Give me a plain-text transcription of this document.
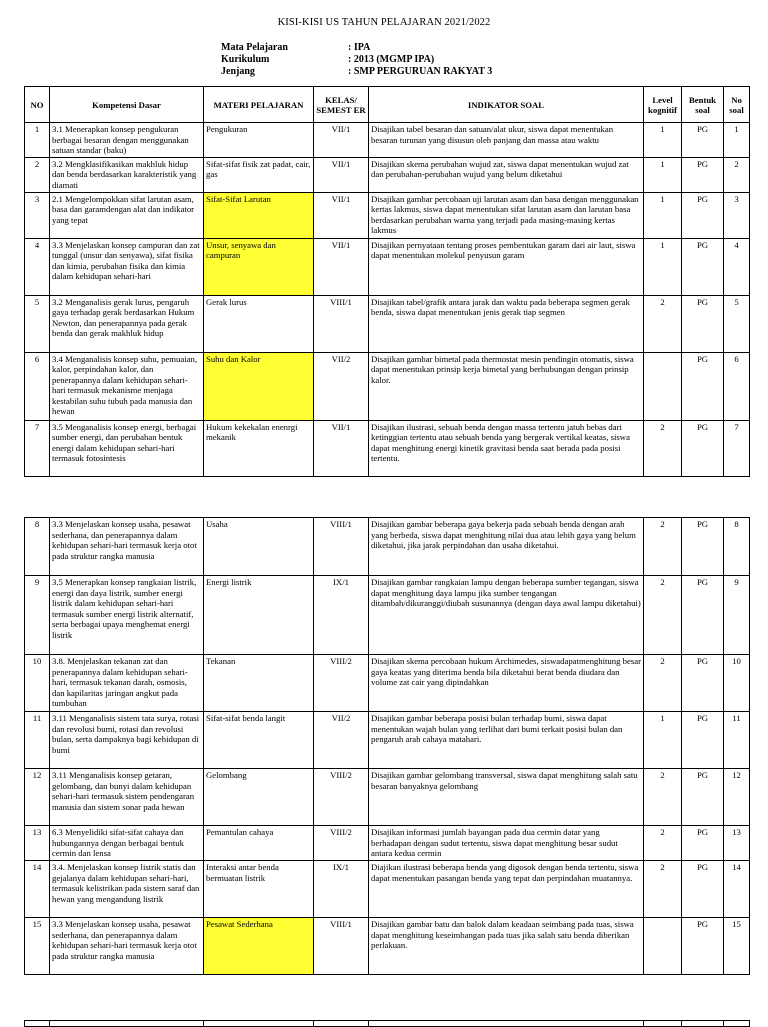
KISI-KISI US TAHUN PELAJARAN 2021/2022
Mata Pelajaran	: IPA
Kurikulum	: 2013 (MGMP IPA)
Jenjang	: SMP PERGURUAN RAKYAT 3
NO	Kompetensi Dasar	MATERI PELAJARAN	KELAS/ SEMEST ER	INDIKATOR SOAL	Level kognitif	Bentuk soal	No soal
1	3.1 Menerapkan konsep pengukuran berbagai besaran dengan menggunakan satuan standar (baku)	Pengukuran	VII/1	Disajikan tabel besaran dan satuan/alat ukur, siswa dapat menentukan besaran turunan yang disusun oleh panjang dan massa atau waktu	1	PG	1
2	3.2 Mengklasifikasikan makhluk hidup dan benda berdasarkan karakteristik yang diamati	Sifat-sifat fisik zat padat, cair, gas	VII/1	Disajikan skema perubahan wujud zat, siswa dapat menentukan wujud zat dan perubahan-perubahan wujud yang belum diketahui	1	PG	2
3	2.1 Mengelompokkan sifat larutan asam, basa dan garamdengan alat dan indikator yang tepat	Sifat-Sifat Larutan	VII/1	Disajikan gambar percobaan uji larutan asam dan basa dengan menggunakan kertas lakmus, siswa dapat menentukan sifat larutan asam dan larutan basa berdasarkan perubahan warna yang terjadi pada masing-masing kertas lakmus	1	PG	3
4	3.3 Menjelaskan konsep campuran dan zat tunggal (unsur dan senyawa), sifat fisika dan kimia, perubahan fisika dan kimia dalam kehidupan sehari-hari	Unsur, senyawa dan campuran	VII/1	Disajikan pernyataan tentang proses pembentukan garam dari air laut, siswa dapat menentukan molekul penyusun garam	1	PG	4
5	3.2 Menganalisis gerak lurus, pengaruh gaya terhadap gerak berdasarkan Hukum Newton, dan penerapannya pada gerak benda dan gerak makhluk hidup	Gerak lurus	VIII/1	Disajikan tabel/grafik antara jarak dan waktu pada beberapa segmen gerak benda, siswa dapat menentukan jenis gerak tiap segmen	2	PG	5
6	3.4 Menganalisis konsep suhu, pemuaian, kalor, perpindahan kalor, dan penerapannya dalam kehidupan sehari-hari termasuk mekanisme menjaga kestabilan suhu tubuh pada manusia dan hewan	Suhu dan Kalor	VII/2	Disajikan gambar bimetal pada thermostat mesin pendingin otomatis, siswa dapat menentukan prinsip kerja bimetal yang berhubungan dengan prinsip kalor.		PG	6
7	3.5 Menganalisis konsep energi, berbagai sumber energi, dan perubahan bentuk energi dalam kehidupan sehari-hari termasuk fotosintesis	Hukum kekekalan enenrgi mekanik	VII/1	Disajikan ilustrasi, sebuah benda dengan massa tertentu jatuh bebas dari ketinggian tertentu atau sebuah benda yang bergerak vertikal keatas, siswa dapat menghitung energi kinetik gravitasi benda saat berada pada posisi tertentu.	2	PG	7
8	3.3 Menjelaskan konsep usaha, pesawat sederhana, dan penerapannya dalam kehidupan sehari-hari termasuk kerja otot pada struktur rangka manusia	Usaha	VIII/1	Disajikan gambar beberapa gaya bekerja pada sebuah benda dengan arah yang berbeda, siswa dapat menghitung nilai dua atau lebih gaya yang belum diketahui, jika jarak perpindahan dan usaha diketahui.	2	PG	8
9	3.5 Menerapkan konsep rangkaian listrik, energi dan daya listrik, sumber energi listrik dalam kehidupan sehari-hari termasuk sumber energi listrik alternatif, serta berbagai upaya menghemat energi listrik	Energi listrik	IX/1	Disajikan gambar rangkaian lampu dengan beberapa sumber tegangan, siswa dapat menghitung daya lampu jika sumber tengangan ditambah/dikuranggi/diubah susunannya (dengan daya awal lampu diketahui)	2	PG	9
10	3.8. Menjelaskan tekanan zat dan penerapannya dalam kehidupan sehari-hari, termasuk tekanan darah, osmosis, dan kapilaritas jaringan angkut pada tumbuhan	Tekanan	VIII/2	Disajikan skema percobaan hukum Archimedes, siswadapatmenghitung besar gaya keatas yang diterima benda bila diketahui berat benda diudara dan volume zat cair yang dipindahkan	2	PG	10
11	3.11 Menganalisis sistem tata surya, rotasi dan revolusi bumi, rotasi dan revolusi bulan, serta dampaknya bagi kehidupan di bumi	Sifat-sifat benda langit	VII/2	Disajikan gambar beberapa posisi bulan terhadap bumi, siswa dapat menentukan wajah bulan yang terlihat dari bumi terkait posisi bulan dan pengaruh arah cahaya matahari.	1	PG	11
12	3.11 Menganalisis konsep getaran, gelombang, dan bunyi dalam kehidupan sehari-hari termasuk sistem pendengaran manusia dan sistem sonar pada hewan	Gelombang	VIII/2	Disajikan gambar gelombang transversal, siswa dapat menghitung salah satu besaran banyaknya gelombang	2	PG	12
13	6.3 Menyelidiki sifat-sifat cahaya dan hubungannya dengan berbagai bentuk cermin dan lensa	Pemantulan cahaya	VIII/2	Disajikan informasi jumlah bayangan pada dua cermin datar yang berhadapan dengan sudut tertentu, siswa dapat menghitung besar sudut antara kedua cermin	2	PG	13
14	3.4. Menjelaskan konsep listrik statis dan gejalanya dalam kehidupan sehari-hari, termasuk kelistrikan pada sistem saraf dan hewan yang mengandung listrik	Interaksi antar benda bermuatan listrik	IX/1	Diajikan ilustrasi beberapa benda yang digosok dengan benda tertentu, siswa dapat menentukan pasangan benda yang tepat dan perpindahan muatannya.	2	PG	14
15	3.3 Menjelaskan konsep usaha, pesawat sederhana, dan penerapannya dalam kehidupan sehari-hari termasuk kerja otot pada struktur rangka manusia	Pesawat Sederhana	VIII/1	Disajikan gambar batu dan balok dalam keadaan seimbang pada tuas, siswa dapat menghitung keseimbangan pada tuas jika salah satu benda diberikan perlakuan.		PG	15
